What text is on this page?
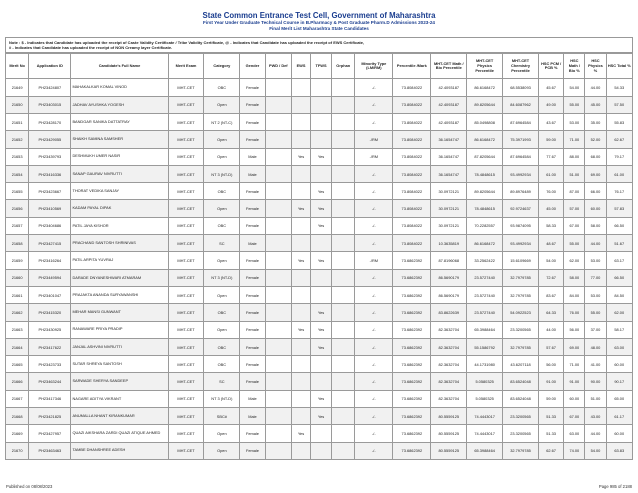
State Common Entrance Test Cell, Government of Maharashtra
First Year Under Graduate Technical Course in B.Pharmacy & Post Graduate Pharm.D Admissions 2023-24
Final Merit List Maharashtra State Candidates
Note : $ - Indicates that Candidate has uploaded the receipt of Caste Validity Certificate / Tribe Validity Certificate, @ - Indicates that Candidate has uploaded the receipt of EWS Certificate,
# - Indicates that Candidate has uploaded the receipt of NON Creamy layer Certificate.
Merit No	Application ID	Candidate's Full Name	Merit Exam	Category	Gender	PWD / Def	EWS	TFWS	Orphan	Minority Type (LM/RM)	Percentile /Mark	MHT-CET Math / Bio Percentile	MHT-CET Physics Percentile	MHT-CET Chemistry Percentile	HSC PCM / PCB %	HSC Math / Bio %	HSC Physics %	HSC Total %
21649	PH23424807	MAHAKALKAR KOMAL VINOD	MHT-CET	OBC	Female					-/-	73.8084022	42.4093187	86.6168472	68.5538093	45.67	54.00	44.00	54.33
21650	PH23403015	JADHAV AYUSHKA YOGESH	MHT-CET	Open	Female					-/-	73.8084022	42.4093187	89.8205644	84.6087962	49.00	55.00	45.00	57.50
21651	PH23428170	BANDGAR SANIKA DATTATRAY	MHT-CET	NT 2 (NT-C)	Female					-/-	73.8084022	42.4093187	85.0498808	87.6964584	43.67	53.00	35.00	55.83
21652	PH23429055	SHAIKH SAMINA SAMSHER	MHT-CET	Open	Female					-/RM	73.8084022	36.1654747	86.6168472	75.3971993	59.00	71.00	52.00	62.67
21653	PH23439793	DESHMUKH UMER NASIR	MHT-CET	Open	Male		Yes	Yes		-/RM	73.8084022	36.1654747	87.8205644	87.6964584	77.67	88.00	68.00	79.17
21654	PH23416336	SANAP GAURAV NIVRUTTI	MHT-CET	NT 3 (NT-D)	Male					-/-	73.8084022	36.1654747	78.4848615	93.4992934	61.00	51.00	69.00	61.00
21655	PH23423667	THORAT VEDIKA SANJAY	MHT-CET	OBC	Female			Yes		-/-	73.8084022	30.0972121	89.8205644	89.8976489	76.00	87.00	66.00	76.17
21656	PH23410569	KADAM PAYAL DIPAK	MHT-CET	Open	Female		Yes	Yes		-/-	73.8084022	30.0972121	78.4848615	92.9724637	45.00	57.00	60.00	57.83
21657	PH23404686	PATIL JAYA KISHOR	MHT-CET	OBC	Female			Yes		-/-	73.8084022	30.0972121	70.2282557	93.9874095	58.33	67.00	58.00	66.50
21658	PH23427415	PRACHAND SANTOSH SHRINIVAS	MHT-CET	SC	Male					-/-	73.8084022	10.3635819	86.6168472	93.4992934	48.67	55.00	44.00	51.67
21659	PH23416264	PATIL ARPITA YUVRAJ	MHT-CET	Open	Female		Yes	Yes		-/RM	73.6862392	87.8196068	33.2562422	15.6109669	54.00	62.00	53.00	63.17
21660	PH23449594	DARADE DNYANESHWARI ATMARAM	MHT-CET	NT 3 (NT-D)	Female					-/-	73.6862392	86.5690179	23.5727440	32.7979785	72.67	58.00	77.00	66.50
21661	PH23401047	PRAJAKTA ANANDA SURYAWANSHI	MHT-CET	Open	Female					-/-	73.6862392	86.5690179	23.5727440	32.7979785	83.67	84.00	53.00	84.50
21662	PH23415320	MEHAR MANSI GUNWANT	MHT-CET	OBC	Female			Yes		-/-	73.6862392	83.8622639	23.5727440	54.0922523	64.33	76.00	55.00	62.00
21663	PH23430925	RANAWARE PRIYA PRADIP	MHT-CET	Open	Female		Yes	Yes		-/-	73.6862392	82.3632704	65.3988464	23.3200565	44.00	56.00	37.00	58.17
21664	PH23417622	JANJAL ASHVINI NIVRUTTI	MHT-CET	OBC	Female			Yes		-/-	73.6862392	82.3632704	55.1586792	32.7979785	57.67	69.00	48.00	63.00
21665	PH23423733	SUTAR SHREYA SANTOSH	MHT-CET	OBC	Female					-/-	73.6862392	82.3632704	44.1731980	43.6207118	56.00	71.00	41.00	60.00
21666	PH23463244	SARWADE SHERYA SANDEEP	MHT-CET	SC	Female					-/-	73.6862392	82.3632704	5.0580325	83.6524048	91.00	91.00	90.00	90.17
21667	PH23417346	NAGARE ADITYA VIKRANT	MHT-CET	NT 3 (NT-D)	Male			Yes		-/-	73.6862392	82.3632704	5.0580325	83.6524048	59.00	60.00	51.00	65.00
21668	PH23421825	ANUMALLA NHANT KIRANKUMAR	MHT-CET	SBC#	Male			Yes		-/-	73.6862392	80.5559125	74.4443017	23.3200565	51.33	67.00	43.00	61.17
21669	PH23427957	QUAZI AIKSHARA ZARDI QUAZI ATIQUE AHMED	MHT-CET	Open	Female		Yes			-/-	73.6862392	80.5559125	74.4443017	23.3200565	51.33	63.00	44.00	60.00
21670	PH23463463	TAMBE DHANSHREE ADESH	MHT-CET	Open	Female					-/-	73.6862392	80.5559125	65.3988464	32.7979785	62.67	74.00	54.00	63.83
Published on 08/08/2023	Page 985 of 2188
